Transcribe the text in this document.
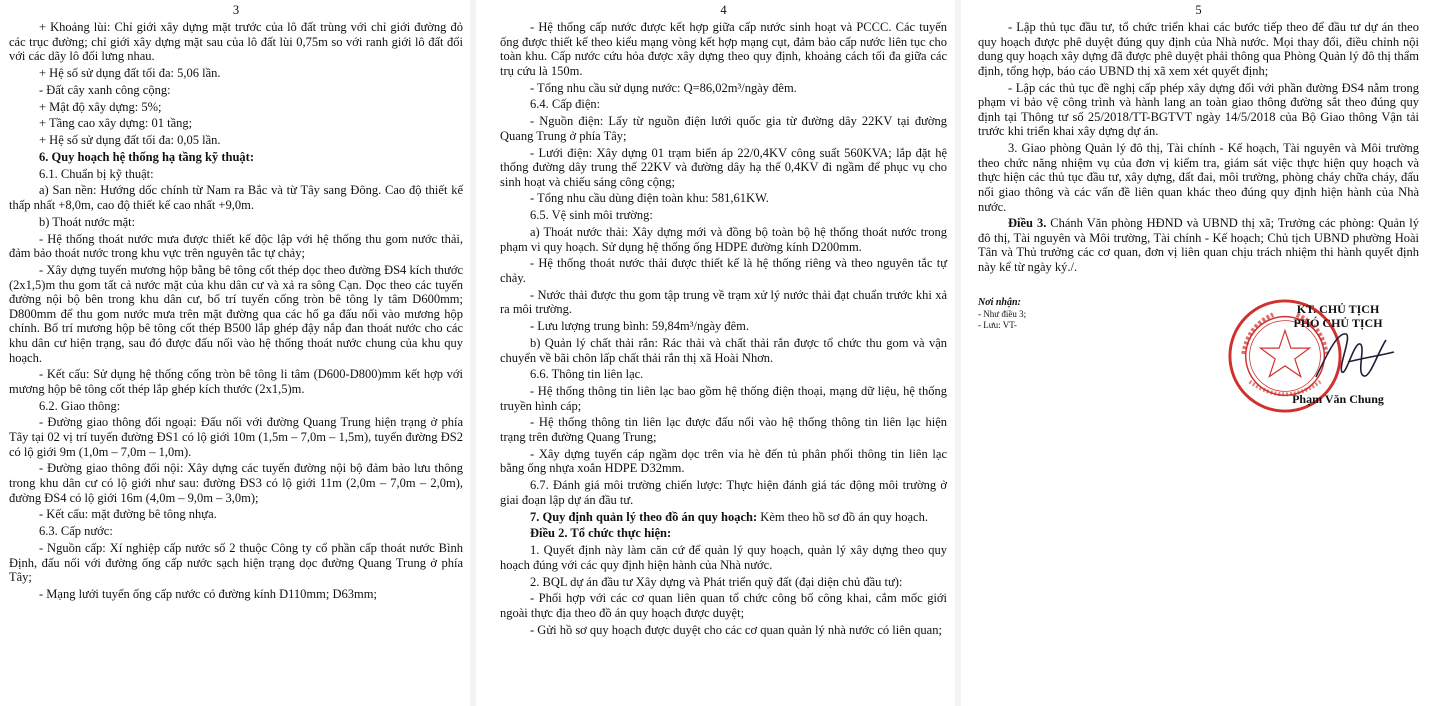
3

+ Khoảng lùi: Chỉ giới xây dựng mặt trước của lô đất trùng với chỉ giới đường đỏ các trục đường; chỉ giới xây dựng mặt sau của lô đất lùi 0,75m so với ranh giới lô đất đối với các dãy lô đối lưng nhau.

+ Hệ số sử dụng đất tối đa: 5,06 lần.

- Đất cây xanh công cộng:

+ Mật độ xây dựng: 5%;

+ Tầng cao xây dựng: 01 tầng;

+ Hệ số sử dụng đất tối đa: 0,05 lần.

6. Quy hoạch hệ thống hạ tầng kỹ thuật:

6.1. Chuẩn bị kỹ thuật:

a) San nền: Hướng dốc chính từ Nam ra Bắc và từ Tây sang Đông. Cao độ thiết kế thấp nhất +8,0m, cao độ thiết kế cao nhất +9,0m.

b) Thoát nước mặt:

- Hệ thống thoát nước mưa được thiết kế độc lập với hệ thống thu gom nước thải, đảm bảo thoát nước trong khu vực trên nguyên tắc tự chảy;

- Xây dựng tuyến mương hộp bằng bê tông cốt thép dọc theo đường ĐS4 kích thước (2x1,5)m thu gom tất cả nước mặt của khu dân cư và xả ra sông Cạn. Dọc theo các tuyến đường nội bộ bên trong khu dân cư, bố trí tuyến cống tròn bê tông ly tâm D600mm; D800mm để thu gom nước mưa trên mặt đường qua các hố ga đấu nối vào mương hộp chính. Bố trí mương hộp bê tông cốt thép B500 lắp ghép đậy nắp đan thoát nước cho các khu dân cư hiện trạng, sau đó được đấu nối vào hệ thống thoát nước chung của khu quy hoạch.

- Kết cấu: Sử dụng hệ thống cống tròn bê tông li tâm (D600-D800)mm kết hợp với mương hộp bê tông cốt thép lắp ghép kích thước (2x1,5)m.

6.2. Giao thông:

- Đường giao thông đối ngoại: Đấu nối với đường Quang Trung hiện trạng ở phía Tây tại 02 vị trí tuyến đường ĐS1 có lộ giới 10m (1,5m – 7,0m – 1,5m), tuyến đường ĐS2 có lộ giới 9m (1,0m – 7,0m – 1,0m).

- Đường giao thông đối nội: Xây dựng các tuyến đường nội bộ đảm bảo lưu thông trong khu dân cư có lộ giới như sau: đường ĐS3 có lộ giới 11m (2,0m – 7,0m – 2,0m), đường ĐS4 có lộ giới 16m (4,0m – 9,0m – 3,0m);

- Kết cấu: mặt đường bê tông nhựa.

6.3. Cấp nước:

- Nguồn cấp: Xí nghiệp cấp nước số 2 thuộc Công ty cổ phần cấp thoát nước Bình Định, đấu nối với đường ống cấp nước sạch hiện trạng dọc đường Quang Trung ở phía Tây;

- Mạng lưới tuyến ống cấp nước có đường kính D110mm; D63mm;

4

- Hệ thống cấp nước được kết hợp giữa cấp nước sinh hoạt và PCCC. Các tuyến ống được thiết kế theo kiểu mạng vòng kết hợp mạng cụt, đảm bảo cấp nước liên tục cho toàn khu. Cấp nước cứu hỏa được xây dựng theo quy định, khoảng cách tối đa giữa các trụ cứu là 150m.

- Tổng nhu cầu sử dụng nước: Q=86,02m³/ngày đêm.

6.4. Cấp điện:

- Nguồn điện: Lấy từ nguồn điện lưới quốc gia từ đường dây 22KV tại đường Quang Trung ở phía Tây;

- Lưới điện: Xây dựng 01 trạm biến áp 22/0,4KV công suất 560KVA; lắp đặt hệ thống đường dây trung thế 22KV và đường dây hạ thế 0,4KV đi ngầm để phục vụ cho sinh hoạt và chiếu sáng công cộng;

- Tổng nhu cầu dùng điện toàn khu: 581,61KW.

6.5. Vệ sinh môi trường:

a) Thoát nước thải: Xây dựng mới và đồng bộ toàn bộ hệ thống thoát nước trong phạm vi quy hoạch. Sử dụng hệ thống ống HDPE đường kính D200mm.

- Hệ thống thoát nước thải được thiết kế là hệ thống riêng và theo nguyên tắc tự chảy.

- Nước thải được thu gom tập trung về trạm xử lý nước thải đạt chuẩn trước khi xả ra môi trường.

- Lưu lượng trung bình: 59,84m³/ngày đêm.

b) Quản lý chất thải rắn: Rác thải và chất thải rắn được tổ chức thu gom và vận chuyển về bãi chôn lấp chất thải rắn thị xã Hoài Nhơn.

6.6. Thông tin liên lạc.

- Hệ thống thông tin liên lạc bao gồm hệ thống điện thoại, mạng dữ liệu, hệ thống truyền hình cáp;

- Hệ thống thông tin liên lạc được đấu nối vào hệ thống thông tin liên lạc hiện trạng trên đường Quang Trung;

- Xây dựng tuyến cáp ngầm dọc trên vỉa hè đến tủ phân phối thông tin liên lạc bằng ống nhựa xoắn HDPE D32mm.

6.7. Đánh giá môi trường chiến lược: Thực hiện đánh giá tác động môi trường ở giai đoạn lập dự án đầu tư.

7. Quy định quản lý theo đồ án quy hoạch: Kèm theo hồ sơ đồ án quy hoạch.

Điều 2. Tổ chức thực hiện:

1. Quyết định này làm căn cứ để quản lý quy hoạch, quản lý xây dựng theo quy hoạch đúng với các quy định hiện hành của Nhà nước.

2. BQL dự án đầu tư Xây dựng và Phát triển quỹ đất (đại diện chủ đầu tư):

- Phối hợp với các cơ quan liên quan tổ chức công bố công khai, cắm mốc giới ngoài thực địa theo đồ án quy hoạch được duyệt;

- Gửi hồ sơ quy hoạch được duyệt cho các cơ quan quản lý nhà nước có liên quan;

5

- Lập thủ tục đầu tư, tổ chức triển khai các bước tiếp theo để đầu tư dự án theo quy hoạch được phê duyệt đúng quy định của Nhà nước. Mọi thay đổi, điều chỉnh nội dung quy hoạch xây dựng đã được phê duyệt phải thông qua Phòng Quản lý đô thị thẩm định, tổng hợp, báo cáo UBND thị xã xem xét quyết định;

- Lập các thủ tục đề nghị cấp phép xây dựng đối với phần đường ĐS4 nằm trong phạm vi bảo vệ công trình và hành lang an toàn giao thông đường sắt theo đúng quy định tại Thông tư số 25/2018/TT-BGTVT ngày 14/5/2018 của Bộ Giao thông Vận tải trước khi triển khai xây dựng dự án.

3. Giao phòng Quản lý đô thị, Tài chính - Kế hoạch, Tài nguyên và Môi trường theo chức năng nhiệm vụ của đơn vị kiểm tra, giám sát việc thực hiện quy hoạch và thực hiện các thủ tục đầu tư, xây dựng, đất đai, môi trường, phòng cháy chữa cháy, đấu nối giao thông và các vấn đề liên quan khác theo đúng quy định hiện hành của Nhà nước.

Điều 3. Chánh Văn phòng HĐND và UBND thị xã; Trưởng các phòng: Quản lý đô thị, Tài nguyên và Môi trường, Tài chính - Kế hoạch; Chủ tịch UBND phường Hoài Tân và Thủ trưởng các cơ quan, đơn vị liên quan chịu trách nhiệm thi hành quyết định này kể từ ngày ký./.

Nơi nhận:

- Như điều 3;

- Lưu: VT-

KT. CHỦ TỊCH
PHÓ CHỦ TỊCH
Phạm Văn Chung
